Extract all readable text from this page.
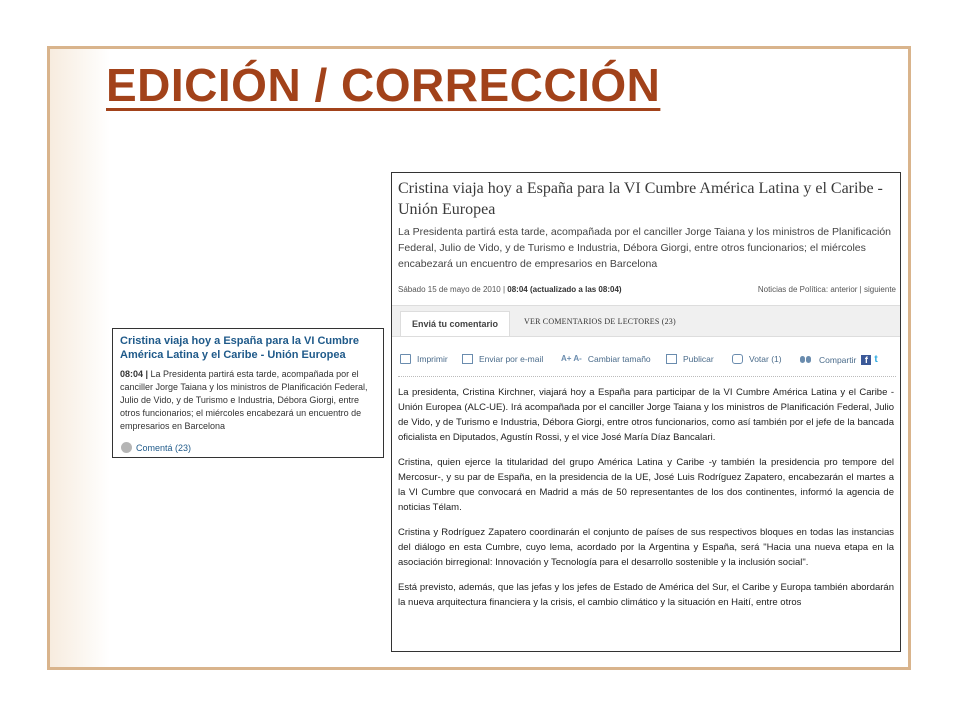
EDICIÓN / CORRECCIÓN

Cristina viaja hoy a España para la VI Cumbre América Latina y el Caribe - Unión Europea

08:04 | La Presidenta partirá esta tarde, acompañada por el canciller Jorge Taiana y los ministros de Planificación Federal, Julio de Vido, y de Turismo e Industria, Débora Giorgi, entre otros funcionarios; el miércoles encabezará un encuentro de empresarios en Barcelona

Comentá (23)
Cristina viaja hoy a España para la VI Cumbre América Latina y el Caribe - Unión Europea

La Presidenta partirá esta tarde, acompañada por el canciller Jorge Taiana y los ministros de Planificación Federal, Julio de Vido, y de Turismo e Industria, Débora Giorgi, entre otros funcionarios; el miércoles encabezará un encuentro de empresarios en Barcelona

Sábado 15 de mayo de 2010 | 08:04 (actualizado a las 08:04)	Noticias de Política: anterior | siguiente
Enviá tu comentario	VER COMENTARIOS DE LECTORES (23)
Imprimir	Enviar por e-mail A+ A- Cambiar tamaño	Publicar	Votar (1)	Compartir f t

La presidenta, Cristina Kirchner, viajará hoy a España para participar de la VI Cumbre América Latina y el Caribe - Unión Europea (ALC-UE). Irá acompañada por el canciller Jorge Taiana y los ministros de Planificación Federal, Julio de Vido, y de Turismo e Industria, Débora Giorgi, entre otros funcionarios, como así también por el jefe de la bancada oficialista en Diputados, Agustín Rossi, y el vice José María Díaz Bancalari.

Cristina, quien ejerce la titularidad del grupo América Latina y Caribe -y también la presidencia pro tempore del Mercosur-, y su par de España, en la presidencia de la UE, José Luis Rodríguez Zapatero, encabezarán el martes a la VI Cumbre que convocará en Madrid a más de 50 representantes de los dos continentes, informó la agencia de noticias Télam.

Cristina y Rodríguez Zapatero coordinarán el conjunto de países de sus respectivos bloques en todas las instancias del diálogo en esta Cumbre, cuyo lema, acordado por la Argentina y España, será "Hacia una nueva etapa en la asociación birregional: Innovación y Tecnología para el desarrollo sostenible y la inclusión social".

Está previsto, además, que las jefas y los jefes de Estado de América del Sur, el Caribe y Europa también abordarán la nueva arquitectura financiera y la crisis, el cambio climático y la situación en Haití, entre otros
